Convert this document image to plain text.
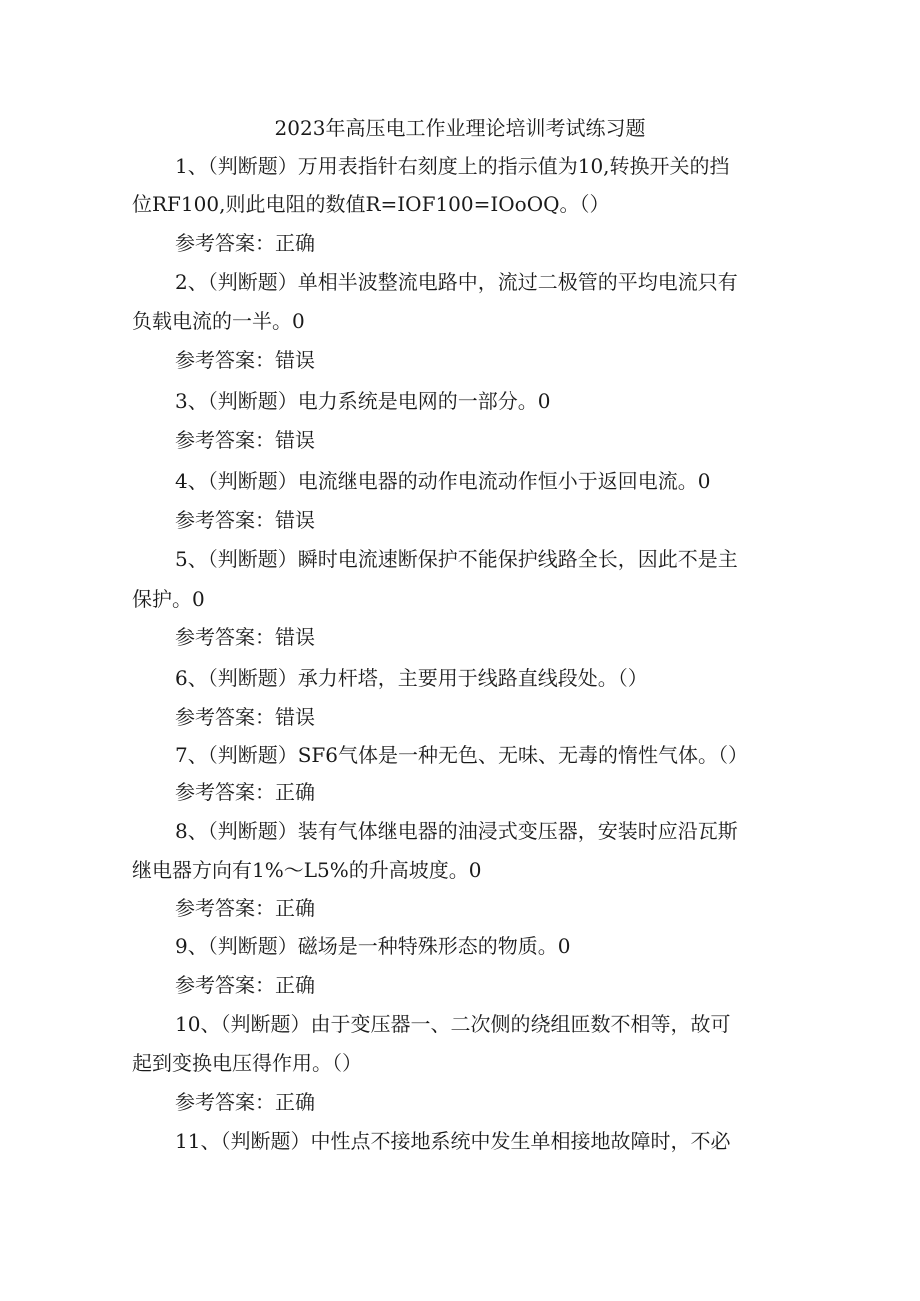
2023年高压电工作业理论培训考试练习题
1、（判断题）万用表指针右刻度上的指示值为10,转换开关的挡
位RF100,则此电阻的数值R=IOF100=IOoOQ。（）
参考答案：正确
2、（判断题）单相半波整流电路中，流过二极管的平均电流只有
负载电流的一半。0
参考答案：错误
3、（判断题）电力系统是电网的一部分。0
参考答案：错误
4、（判断题）电流继电器的动作电流动作恒小于返回电流。0
参考答案：错误
5、（判断题）瞬时电流速断保护不能保护线路全长，因此不是主
保护。0
参考答案：错误
6、（判断题）承力杆塔，主要用于线路直线段处。（）
参考答案：错误
7、（判断题）SF6气体是一种无色、无味、无毒的惰性气体。（）
参考答案：正确
8、（判断题）装有气体继电器的油浸式变压器，安装时应沿瓦斯
继电器方向有1%～L5%的升高坡度。0
参考答案：正确
9、（判断题）磁场是一种特殊形态的物质。0
参考答案：正确
10、（判断题）由于变压器一、二次侧的绕组匝数不相等，故可
起到变换电压得作用。（）
参考答案：正确
11、（判断题）中性点不接地系统中发生单相接地故障时，不必
